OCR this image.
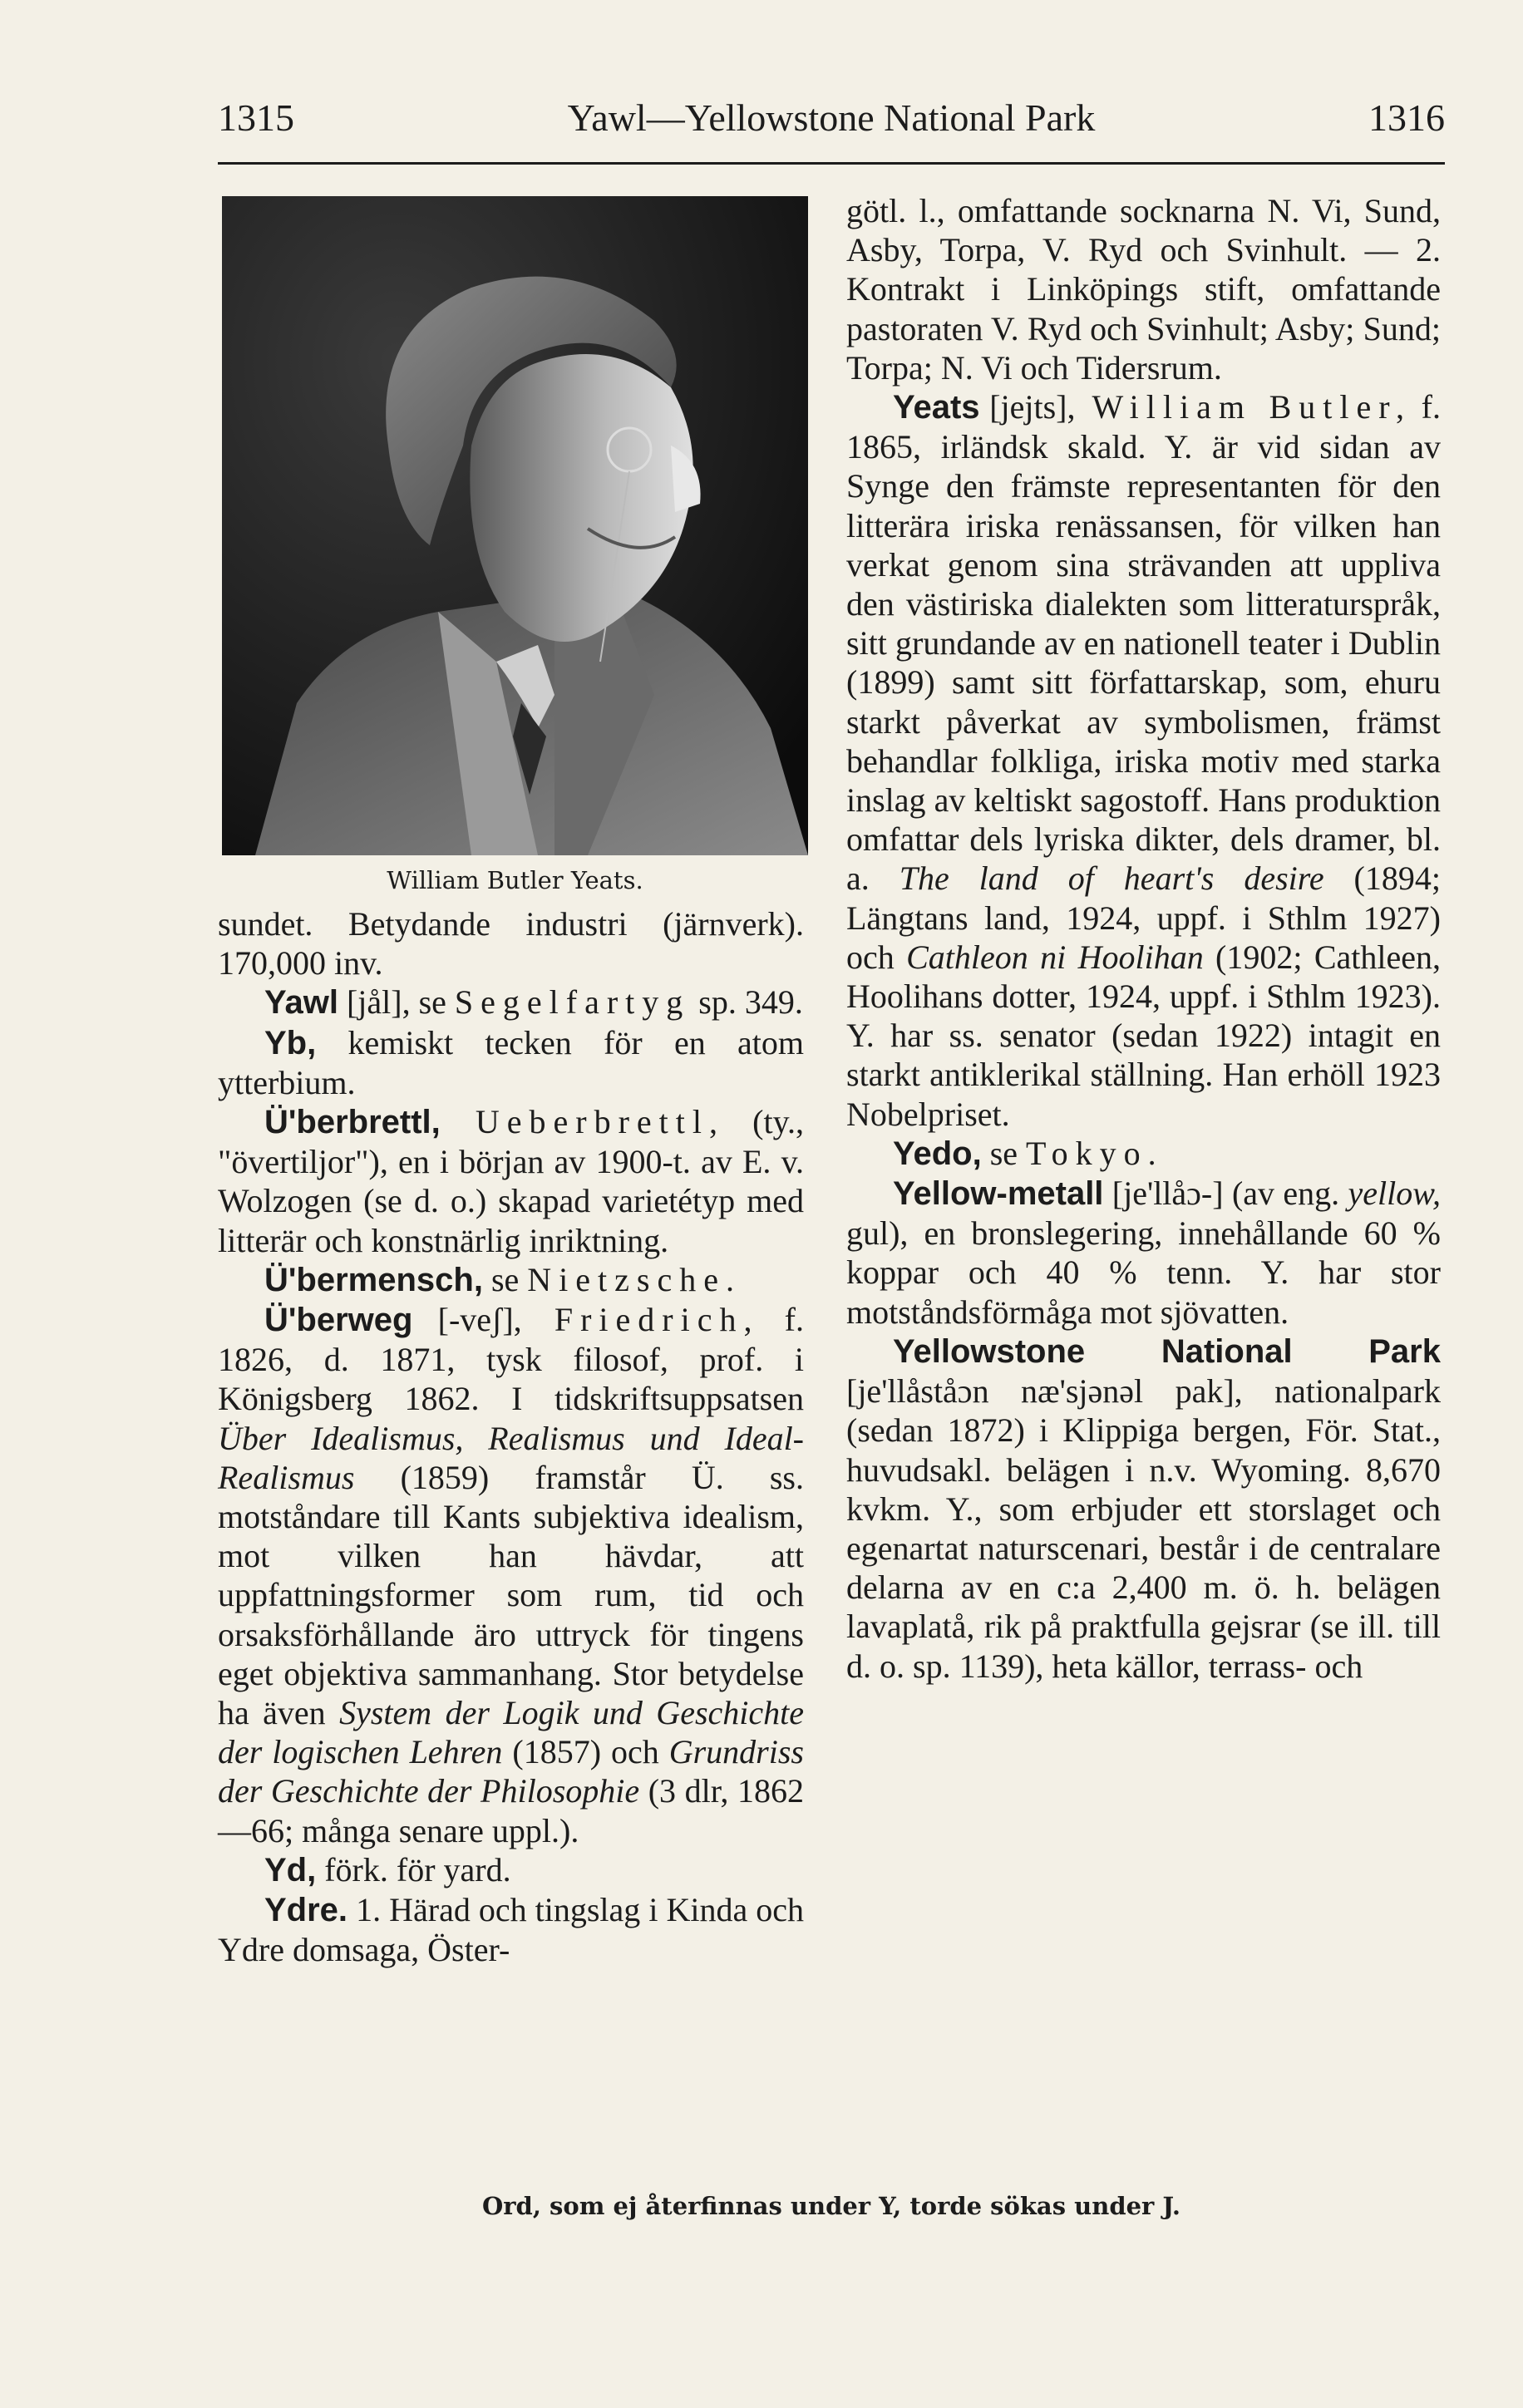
1315	Yawl—Yellowstone National Park	1316
William Butler Yeats.

sundet. Betydande industri (järnverk). 170,000 inv.

Yawl [jål], se Segelfartyg sp. 349.

Yb, kemiskt tecken för en atom ytterbium.

Ü'berbrettl, Ueberbrettl, (ty., "övertiljor"), en i början av 1900-t. av E. v. Wolzogen (se d. o.) skapad varietétyp med litterär och konstnärlig inriktning.

Ü'bermensch, se Nietzsche.

Ü'berweg [-veʃ], Friedrich, f. 1826, d. 1871, tysk filosof, prof. i Königsberg 1862. I tidskriftsuppsatsen Über Idealismus, Realismus und Ideal-Realismus (1859) framstår Ü. ss. motståndare till Kants subjektiva idealism, mot vilken han hävdar, att uppfattningsformer som rum, tid och orsaksförhållande äro uttryck för tingens eget objektiva sammanhang. Stor betydelse ha även System der Logik und Geschichte der logischen Lehren (1857) och Grundriss der Geschichte der Philosophie (3 dlr, 1862—66; många senare uppl.).

Yd, förk. för yard.

Ydre. 1. Härad och tingslag i Kinda och Ydre domsaga, Öster-

götl. l., omfattande socknarna N. Vi, Sund, Asby, Torpa, V. Ryd och Svinhult. — 2. Kontrakt i Linköpings stift, omfattande pastoraten V. Ryd och Svinhult; Asby; Sund; Torpa; N. Vi och Tidersrum.

Yeats [jejts], William Butler, f. 1865, irländsk skald. Y. är vid sidan av Synge den främste representanten för den litterära iriska renässansen, för vilken han verkat genom sina strävanden att uppliva den västiriska dialekten som litteraturspråk, sitt grundande av en nationell teater i Dublin (1899) samt sitt författarskap, som, ehuru starkt påverkat av symbolismen, främst behandlar folkliga, iriska motiv med starka inslag av keltiskt sagostoff. Hans produktion omfattar dels lyriska dikter, dels dramer, bl. a. The land of heart's desire (1894; Längtans land, 1924, uppf. i Sthlm 1927) och Cathleon ni Hoolihan (1902; Cathleen, Hoolihans dotter, 1924, uppf. i Sthlm 1923). Y. har ss. senator (sedan 1922) intagit en starkt antiklerikal ställning. Han erhöll 1923 Nobelpriset.

Yedo, se Tokyo.

Yellow-metall [je'llåɔ-] (av eng. yellow, gul), en bronslegering, innehållande 60 % koppar och 40 % tenn. Y. har stor motståndsförmåga mot sjövatten.

Yellowstone National Park [je'llåståɔn næ'sjənəl pak], nationalpark (sedan 1872) i Klippiga bergen, För. Stat., huvudsakl. belägen i n.v. Wyoming. 8,670 kvkm. Y., som erbjuder ett storslaget och egenartat naturscenari, består i de centralare delarna av en c:a 2,400 m. ö. h. belägen lavaplatå, rik på praktfulla gejsrar (se ill. till d. o. sp. 1139), heta källor, terrass- och

Ord, som ej återfinnas under Y, torde sökas under J.
